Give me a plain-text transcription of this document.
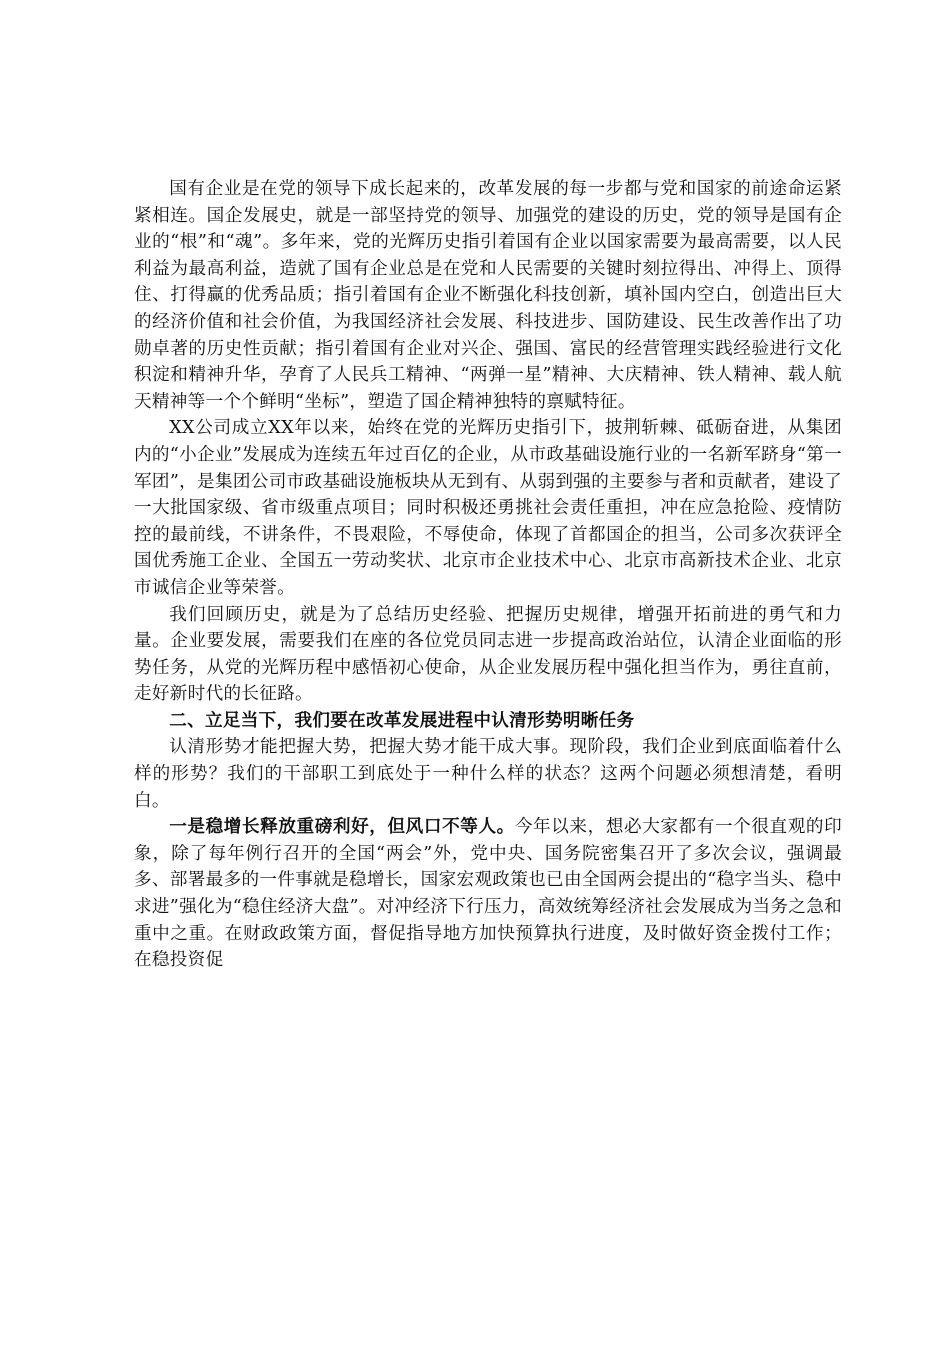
国有企业是在党的领导下成长起来的，改革发展的每一步都与党和国家的前途命运紧紧相连。国企发展史，就是一部坚持党的领导、加强党的建设的历史，党的领导是国有企业的“根”和“魂”。多年来，党的光辉历史指引着国有企业以国家需要为最高需要，以人民利益为最高利益，造就了国有企业总是在党和人民需要的关键时刻拉得出、冲得上、顶得住、打得赢的优秀品质；指引着国有企业不断强化科技创新，填补国内空白，创造出巨大的经济价值和社会价值，为我国经济社会发展、科技进步、国防建设、民生改善作出了功勋卓著的历史性贡献；指引着国有企业对兴企、强国、富民的经营管理实践经验进行文化积淀和精神升华，孕育了人民兵工精神、“两弹一星”精神、大庆精神、铁人精神、载人航天精神等一个个鲜明“坐标”，塑造了国企精神独特的禀赋特征。

XX公司成立XX年以来，始终在党的光辉历史指引下，披荆斩棘、砥砺奋进，从集团内的“小企业”发展成为连续五年过百亿的企业，从市政基础设施行业的一名新军跻身“第一军团”，是集团公司市政基础设施板块从无到有、从弱到强的主要参与者和贡献者，建设了一大批国家级、省市级重点项目；同时积极还勇挑社会责任重担，冲在应急抢险、疫情防控的最前线，不讲条件，不畏艰险，不辱使命，体现了首都国企的担当，公司多次获评全国优秀施工企业、全国五一劳动奖状、北京市企业技术中心、北京市高新技术企业、北京市诚信企业等荣誉。

我们回顾历史，就是为了总结历史经验、把握历史规律，增强开拓前进的勇气和力量。企业要发展，需要我们在座的各位党员同志进一步提高政治站位，认清企业面临的形势任务，从党的光辉历程中感悟初心使命，从企业发展历程中强化担当作为，勇往直前，走好新时代的长征路。

二、立足当下，我们要在改革发展进程中认清形势明晰任务

认清形势才能把握大势，把握大势才能干成大事。现阶段，我们企业到底面临着什么样的形势？我们的干部职工到底处于一种什么样的状态？这两个问题必须想清楚，看明白。

一是稳增长释放重磅利好，但风口不等人。今年以来，想必大家都有一个很直观的印象，除了每年例行召开的全国“两会”外，党中央、国务院密集召开了多次会议，强调最多、部署最多的一件事就是稳增长，国家宏观政策也已由全国两会提出的“稳字当头、稳中求进”强化为“稳住经济大盘”。对冲经济下行压力，高效统筹经济社会发展成为当务之急和重中之重。在财政政策方面，督促指导地方加快预算执行进度，及时做好资金拨付工作；在稳投资促
